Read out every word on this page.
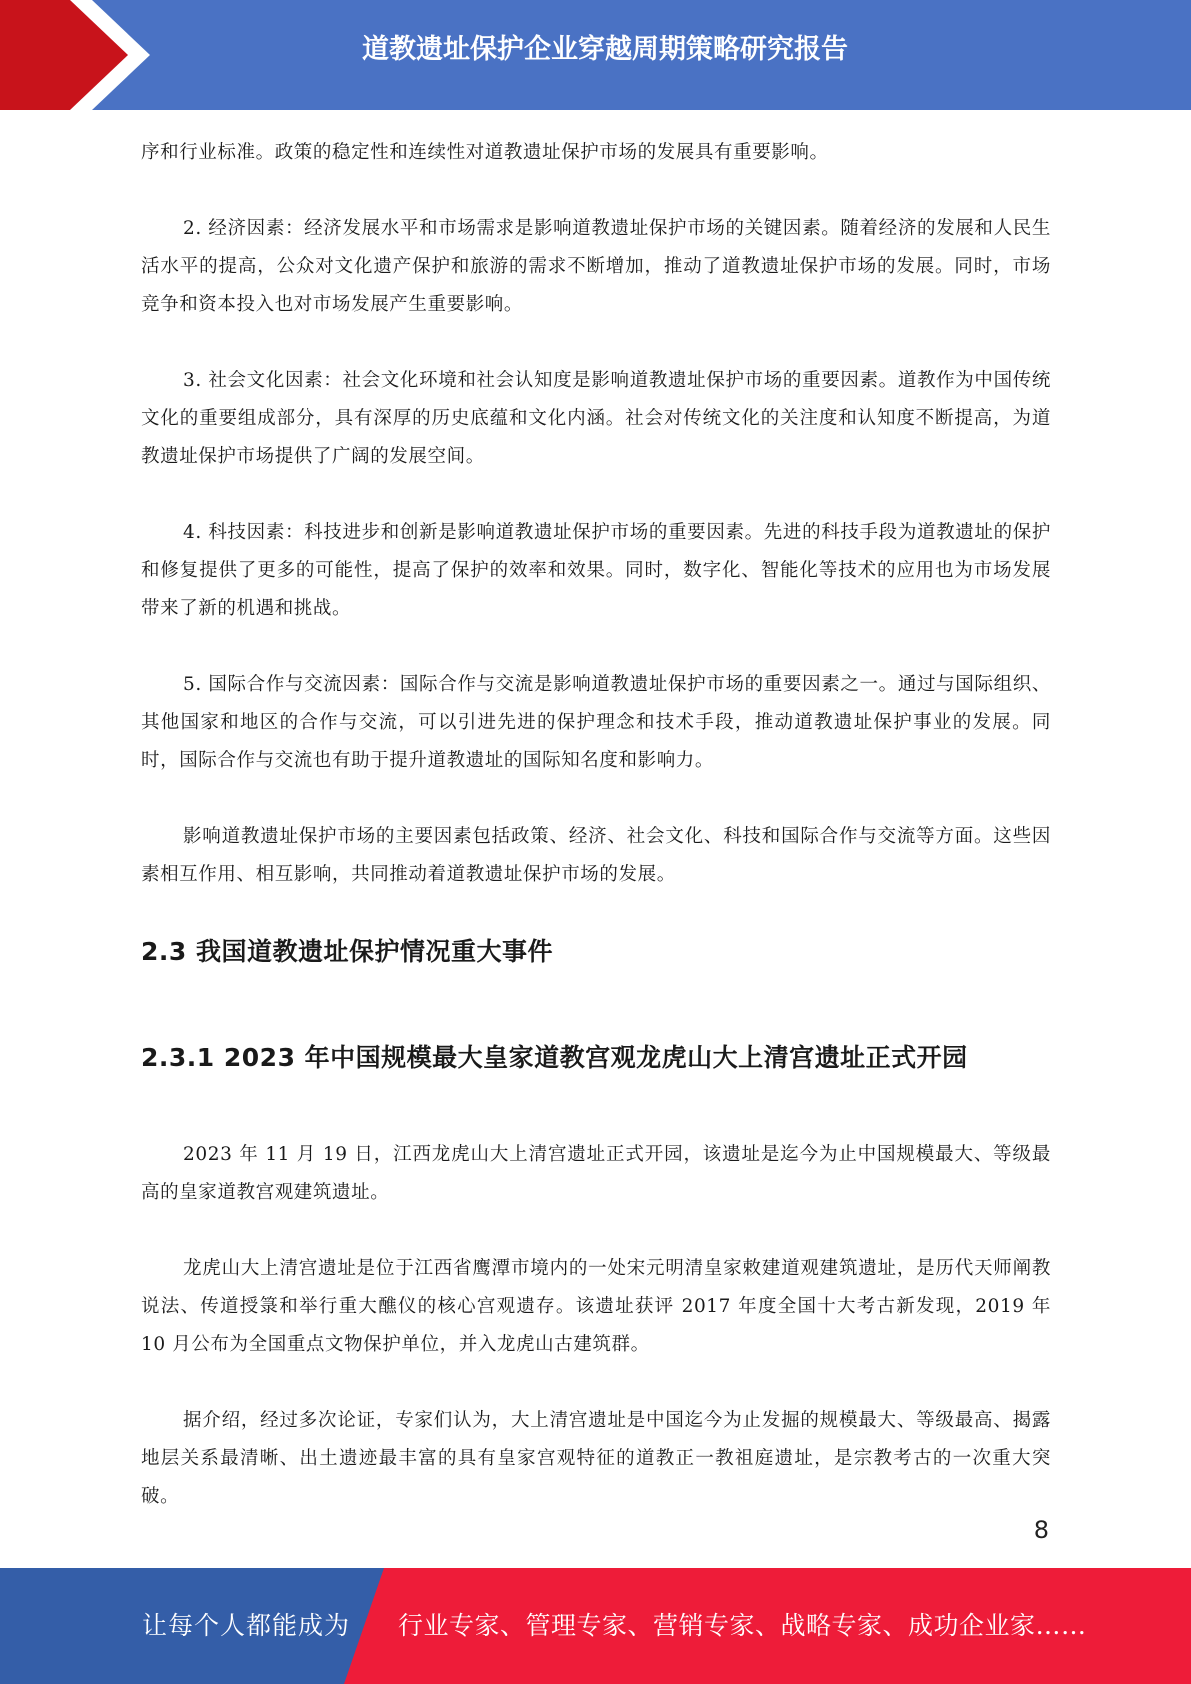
道教遗址保护企业穿越周期策略研究报告

序和行业标准。政策的稳定性和连续性对道教遗址保护市场的发展具有重要影响。

2. 经济因素：经济发展水平和市场需求是影响道教遗址保护市场的关键因素。随着经济的发展和人民生活水平的提高，公众对文化遗产保护和旅游的需求不断增加，推动了道教遗址保护市场的发展。同时，市场竞争和资本投入也对市场发展产生重要影响。

3. 社会文化因素：社会文化环境和社会认知度是影响道教遗址保护市场的重要因素。道教作为中国传统文化的重要组成部分，具有深厚的历史底蕴和文化内涵。社会对传统文化的关注度和认知度不断提高，为道教遗址保护市场提供了广阔的发展空间。

4. 科技因素：科技进步和创新是影响道教遗址保护市场的重要因素。先进的科技手段为道教遗址的保护和修复提供了更多的可能性，提高了保护的效率和效果。同时，数字化、智能化等技术的应用也为市场发展带来了新的机遇和挑战。

5. 国际合作与交流因素：国际合作与交流是影响道教遗址保护市场的重要因素之一。通过与国际组织、其他国家和地区的合作与交流，可以引进先进的保护理念和技术手段，推动道教遗址保护事业的发展。同时，国际合作与交流也有助于提升道教遗址的国际知名度和影响力。

影响道教遗址保护市场的主要因素包括政策、经济、社会文化、科技和国际合作与交流等方面。这些因素相互作用、相互影响，共同推动着道教遗址保护市场的发展。

2.3 我国道教遗址保护情况重大事件
2.3.1 2023 年中国规模最大皇家道教宫观龙虎山大上清宫遗址正式开园

2023 年 11 月 19 日，江西龙虎山大上清宫遗址正式开园，该遗址是迄今为止中国规模最大、等级最高的皇家道教宫观建筑遗址。

龙虎山大上清宫遗址是位于江西省鹰潭市境内的一处宋元明清皇家敕建道观建筑遗址，是历代天师阐教说法、传道授箓和举行重大醮仪的核心宫观遗存。该遗址获评 2017 年度全国十大考古新发现，2019 年 10 月公布为全国重点文物保护单位，并入龙虎山古建筑群。

据介绍，经过多次论证，专家们认为，大上清宫遗址是中国迄今为止发掘的规模最大、等级最高、揭露地层关系最清晰、出土遗迹最丰富的具有皇家宫观特征的道教正一教祖庭遗址，是宗教考古的一次重大突破。

8
让每个人都能成为 行业专家、管理专家、营销专家、战略专家、成功企业家……
